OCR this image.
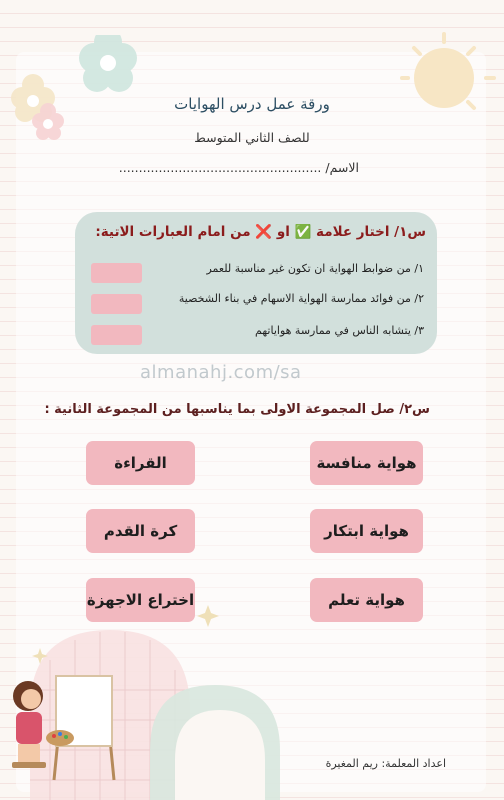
ورقة عمل درس الهوايات
للصف الثاني المتوسط
الاسم/ ...................................................
س١/ اختار علامة ✅ او ❌ من امام العبارات الاتية:
١/ من ضوابط الهواية ان تكون غير مناسبة للعمر
٢/ من فوائد ممارسة الهواية الاسهام في بناء الشخصية
٣/ يتشابه الناس في ممارسة هواياتهم
almanahj.com/sa
س٢/ صل المجموعة الاولى بما يناسبها من المجموعة الثانية :
هواية منافسة
هواية ابتكار
هواية تعلم
القراءة
كرة القدم
اختراع الاجهزة
اعداد المعلمة: ريم المغيرة
